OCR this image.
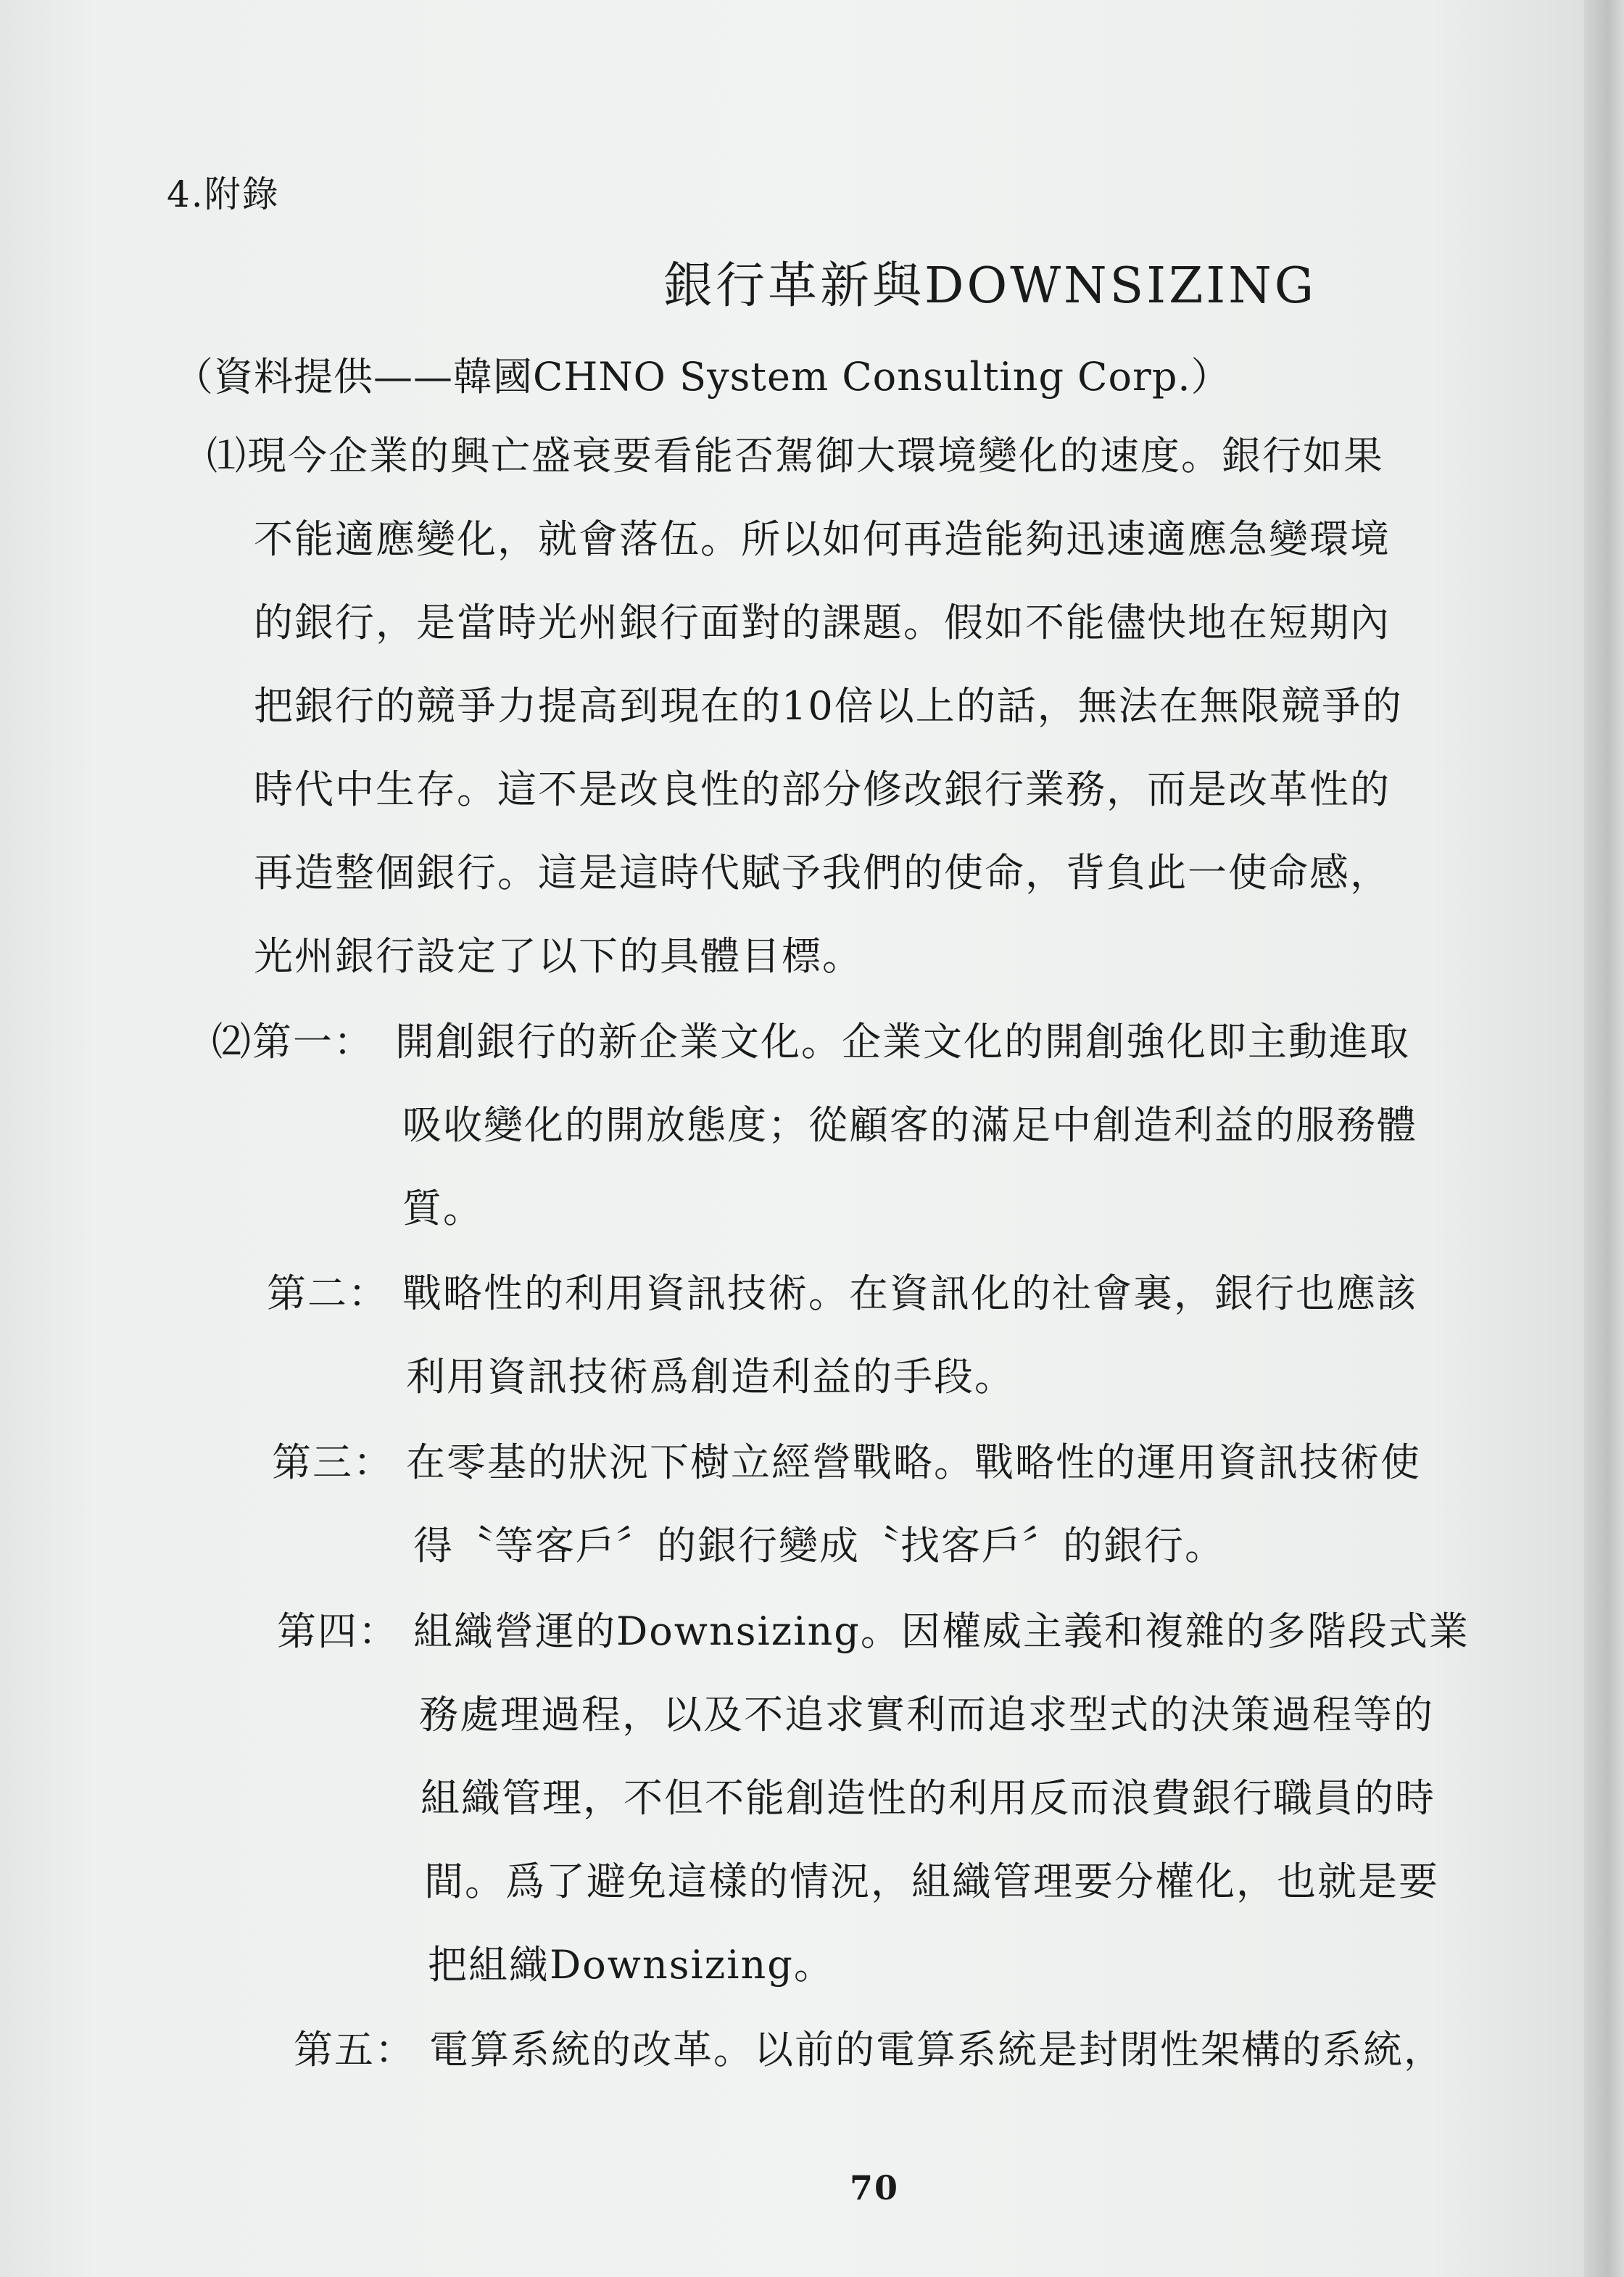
4.附錄
銀行革新與DOWNSIZING
（資料提供——韓國CHNO System Consulting Corp.）
⑴現今企業的興亡盛衰要看能否駕御大環境變化的速度。銀行如果
不能適應變化，就會落伍。所以如何再造能夠迅速適應急變環境
的銀行，是當時光州銀行面對的課題。假如不能儘快地在短期內
把銀行的競爭力提高到現在的10倍以上的話，無法在無限競爭的
時代中生存。這不是改良性的部分修改銀行業務，而是改革性的
再造整個銀行。這是這時代賦予我們的使命，背負此一使命感，
光州銀行設定了以下的具體目標。
⑵第一： 開創銀行的新企業文化。企業文化的開創強化即主動進取
吸收變化的開放態度；從顧客的滿足中創造利益的服務體
質。
第二： 戰略性的利用資訊技術。在資訊化的社會裏，銀行也應該
利用資訊技術爲創造利益的手段。
第三： 在零基的狀況下樹立經營戰略。戰略性的運用資訊技術使
得〝等客戶〞的銀行變成〝找客戶〞的銀行。
第四： 組織營運的Downsizing。因權威主義和複雜的多階段式業
務處理過程，以及不追求實利而追求型式的決策過程等的
組織管理，不但不能創造性的利用反而浪費銀行職員的時
間。爲了避免這樣的情況，組織管理要分權化，也就是要
把組織Downsizing。
第五： 電算系統的改革。以前的電算系統是封閉性架構的系統，
70
